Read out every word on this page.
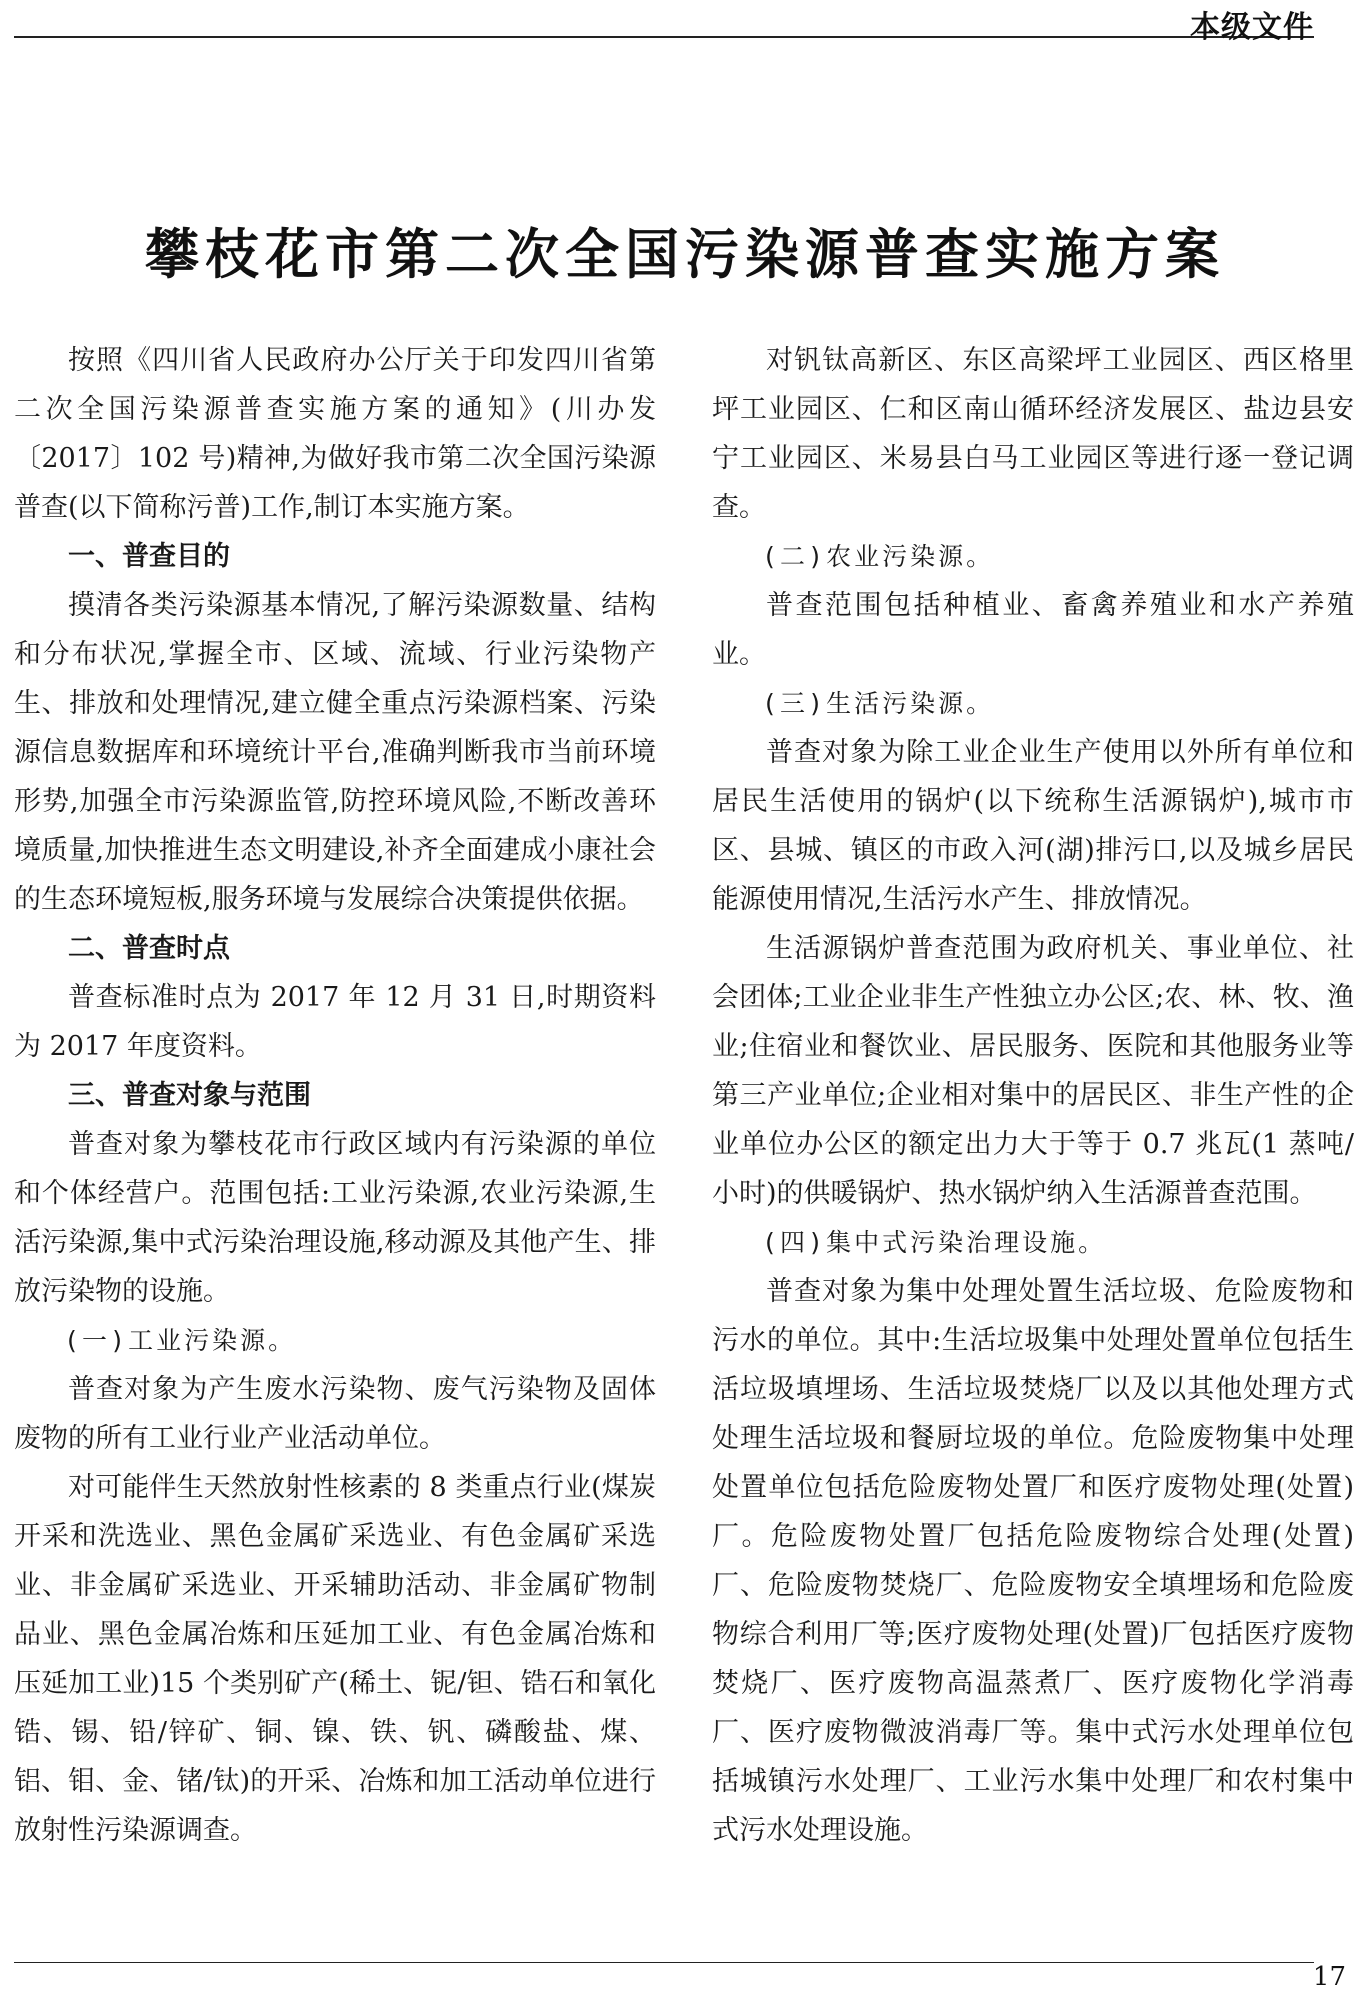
本级文件
攀枝花市第二次全国污染源普查实施方案

按照《四川省人民政府办公厅关于印发四川省第二次全国污染源普查实施方案的通知》(川办发〔2017〕102 号)精神,为做好我市第二次全国污染源普查(以下简称污普)工作,制订本实施方案。

一、普查目的

摸清各类污染源基本情况,了解污染源数量、结构和分布状况,掌握全市、区域、流域、行业污染物产生、排放和处理情况,建立健全重点污染源档案、污染源信息数据库和环境统计平台,准确判断我市当前环境形势,加强全市污染源监管,防控环境风险,不断改善环境质量,加快推进生态文明建设,补齐全面建成小康社会的生态环境短板,服务环境与发展综合决策提供依据。

二、普查时点

普查标准时点为 2017 年 12 月 31 日,时期资料为 2017 年度资料。

三、普查对象与范围

普查对象为攀枝花市行政区域内有污染源的单位和个体经营户。范围包括:工业污染源,农业污染源,生活污染源,集中式污染治理设施,移动源及其他产生、排放污染物的设施。

(一)工业污染源。

普查对象为产生废水污染物、废气污染物及固体废物的所有工业行业产业活动单位。

对可能伴生天然放射性核素的 8 类重点行业(煤炭开采和洗选业、黑色金属矿采选业、有色金属矿采选业、非金属矿采选业、开采辅助活动、非金属矿物制品业、黑色金属冶炼和压延加工业、有色金属冶炼和压延加工业)15 个类别矿产(稀土、铌/钽、锆石和氧化锆、锡、铅/锌矿、铜、镍、铁、钒、磷酸盐、煤、铝、钼、金、锗/钛)的开采、冶炼和加工活动单位进行放射性污染源调查。

对钒钛高新区、东区高梁坪工业园区、西区格里坪工业园区、仁和区南山循环经济发展区、盐边县安宁工业园区、米易县白马工业园区等进行逐一登记调查。

(二)农业污染源。

普查范围包括种植业、畜禽养殖业和水产养殖业。

(三)生活污染源。

普查对象为除工业企业生产使用以外所有单位和居民生活使用的锅炉(以下统称生活源锅炉),城市市区、县城、镇区的市政入河(湖)排污口,以及城乡居民能源使用情况,生活污水产生、排放情况。

生活源锅炉普查范围为政府机关、事业单位、社会团体;工业企业非生产性独立办公区;农、林、牧、渔业;住宿业和餐饮业、居民服务、医院和其他服务业等第三产业单位;企业相对集中的居民区、非生产性的企业单位办公区的额定出力大于等于 0.7 兆瓦(1 蒸吨/小时)的供暖锅炉、热水锅炉纳入生活源普查范围。

(四)集中式污染治理设施。

普查对象为集中处理处置生活垃圾、危险废物和污水的单位。其中:生活垃圾集中处理处置单位包括生活垃圾填埋场、生活垃圾焚烧厂以及以其他处理方式处理生活垃圾和餐厨垃圾的单位。危险废物集中处理处置单位包括危险废物处置厂和医疗废物处理(处置)厂。危险废物处置厂包括危险废物综合处理(处置)厂、危险废物焚烧厂、危险废物安全填埋场和危险废物综合利用厂等;医疗废物处理(处置)厂包括医疗废物焚烧厂、医疗废物高温蒸煮厂、医疗废物化学消毒厂、医疗废物微波消毒厂等。集中式污水处理单位包括城镇污水处理厂、工业污水集中处理厂和农村集中式污水处理设施。

17
